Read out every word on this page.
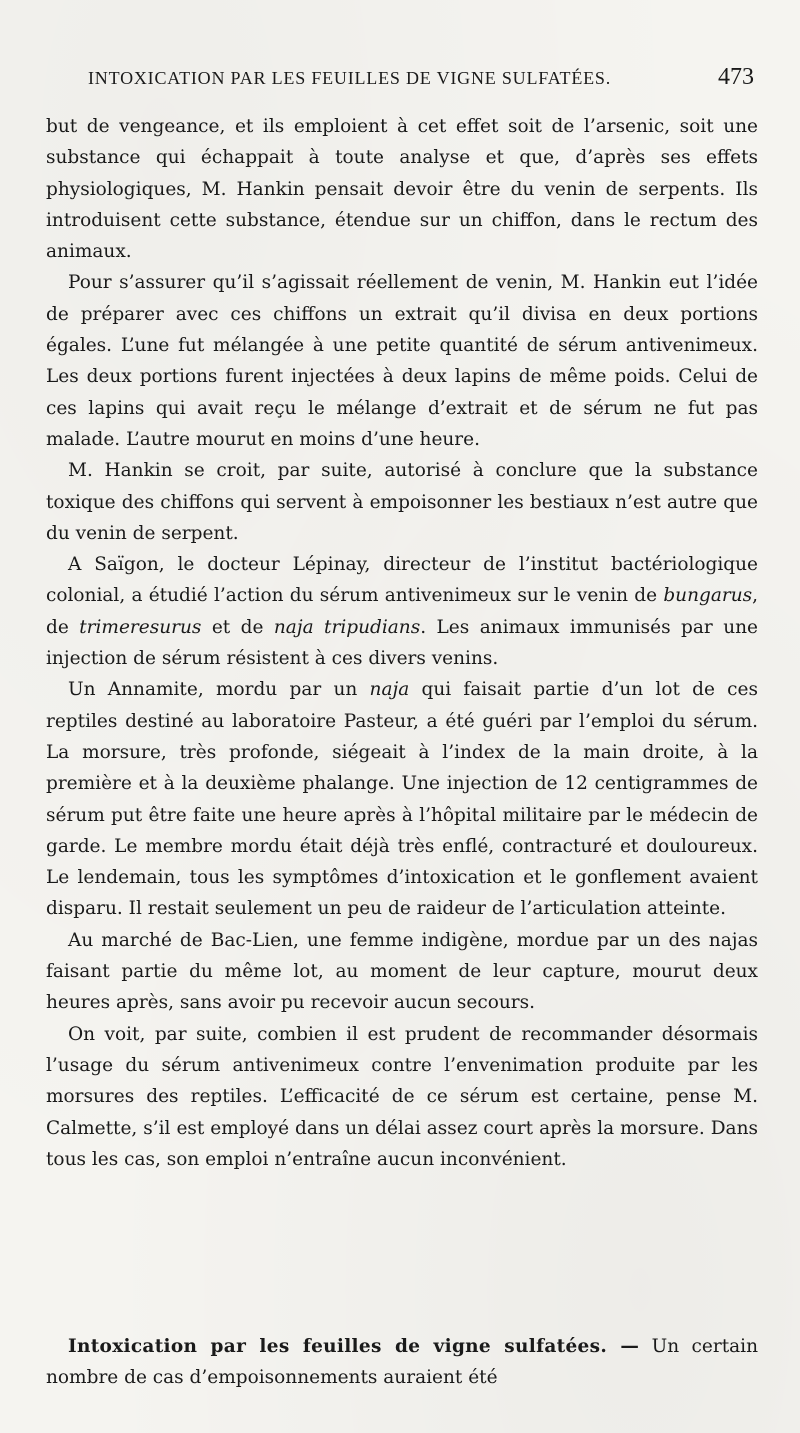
INTOXICATION PAR LES FEUILLES DE VIGNE SULFATÉES.	473

but de vengeance, et ils emploient à cet effet soit de l’arsenic, soit une substance qui échappait à toute analyse et que, d’après ses effets physiologiques, M. Hankin pensait devoir être du venin de serpents. Ils introduisent cette substance, étendue sur un chiffon, dans le rectum des animaux.

Pour s’assurer qu’il s’agissait réellement de venin, M. Hankin eut l’idée de préparer avec ces chiffons un extrait qu’il divisa en deux portions égales. L’une fut mélangée à une petite quantité de sérum antivenimeux. Les deux portions furent injectées à deux lapins de même poids. Celui de ces lapins qui avait reçu le mélange d’extrait et de sérum ne fut pas malade. L’autre mourut en moins d’une heure.

M. Hankin se croit, par suite, autorisé à conclure que la substance toxique des chiffons qui servent à empoisonner les bestiaux n’est autre que du venin de serpent.

A Saïgon, le docteur Lépinay, directeur de l’institut bactériologique colonial, a étudié l’action du sérum antivenimeux sur le venin de bungarus, de trimeresurus et de naja tripudians. Les animaux immunisés par une injection de sérum résistent à ces divers venins.

Un Annamite, mordu par un naja qui faisait partie d’un lot de ces reptiles destiné au laboratoire Pasteur, a été guéri par l’emploi du sérum. La morsure, très profonde, siégeait à l’index de la main droite, à la première et à la deuxième phalange. Une injection de 12 centigrammes de sérum put être faite une heure après à l’hôpital militaire par le médecin de garde. Le membre mordu était déjà très enflé, contracturé et douloureux. Le lendemain, tous les symptômes d’intoxication et le gonflement avaient disparu. Il restait seulement un peu de raideur de l’articulation atteinte.

Au marché de Bac-Lien, une femme indigène, mordue par un des najas faisant partie du même lot, au moment de leur capture, mourut deux heures après, sans avoir pu recevoir aucun secours.

On voit, par suite, combien il est prudent de recommander désormais l’usage du sérum antivenimeux contre l’envenimation produite par les morsures des reptiles. L’efficacité de ce sérum est certaine, pense M. Calmette, s’il est employé dans un délai assez court après la morsure. Dans tous les cas, son emploi n’entraîne aucun inconvénient.

Intoxication par les feuilles de vigne sulfatées. — Un certain nombre de cas d’empoisonnements auraient été
